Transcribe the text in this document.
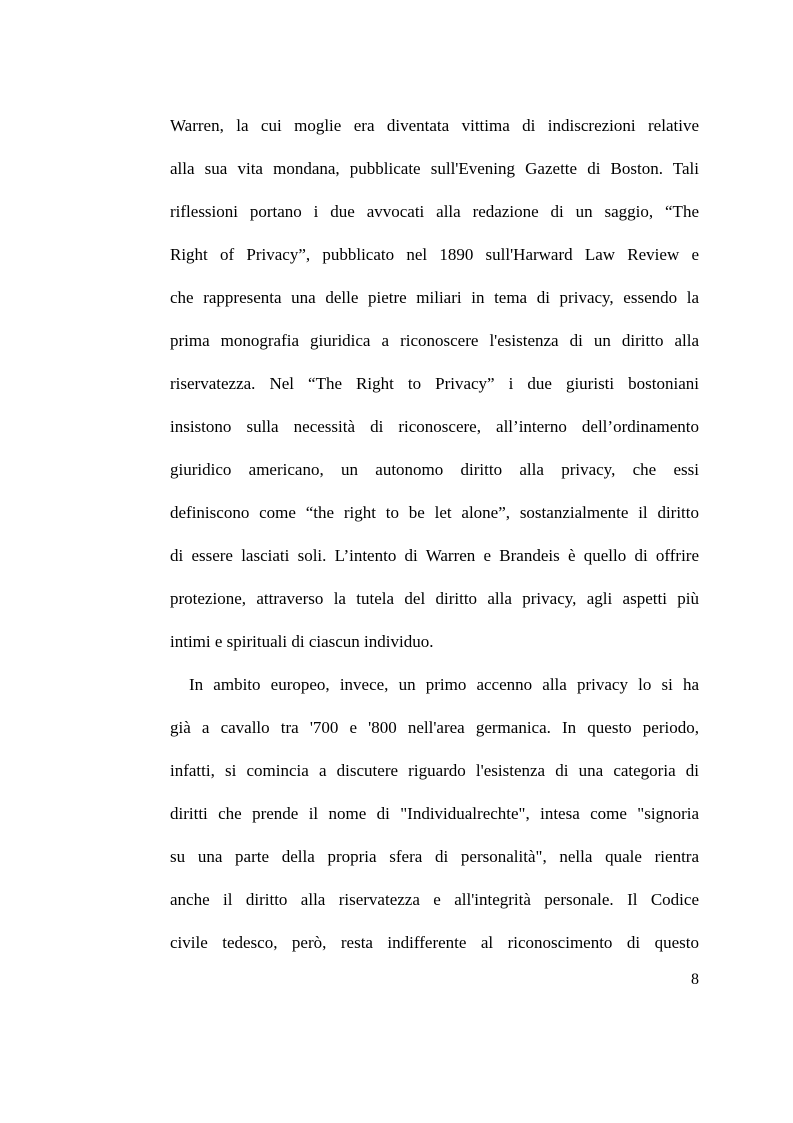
Warren, la cui moglie era diventata vittima di indiscrezioni relative
alla sua vita mondana, pubblicate sull'Evening Gazette di Boston. Tali
riflessioni portano i due avvocati alla redazione di un saggio, “The
Right of Privacy”, pubblicato nel 1890 sull'Harward Law Review e
che rappresenta una delle pietre miliari in tema di privacy, essendo la
prima monografia giuridica a riconoscere l'esistenza di un diritto alla
riservatezza. Nel “The Right to Privacy” i due giuristi bostoniani
insistono sulla necessità di riconoscere, all’interno dell’ordinamento
giuridico americano, un autonomo diritto alla privacy, che essi
definiscono come “the right to be let alone”, sostanzialmente il diritto
di essere lasciati soli. L’intento di Warren e Brandeis è quello di offrire
protezione, attraverso la tutela del diritto alla privacy, agli aspetti più
intimi e spirituali di ciascun individuo.
In ambito europeo, invece, un primo accenno alla privacy lo si ha
già a cavallo tra '700 e '800 nell'area germanica. In questo periodo,
infatti, si comincia a discutere riguardo l'esistenza di una categoria di
diritti che prende il nome di "Individualrechte", intesa come "signoria
su una parte della propria sfera di personalità", nella quale rientra
anche il diritto alla riservatezza e all'integrità personale. Il Codice
civile tedesco, però, resta indifferente al riconoscimento di questo
8
